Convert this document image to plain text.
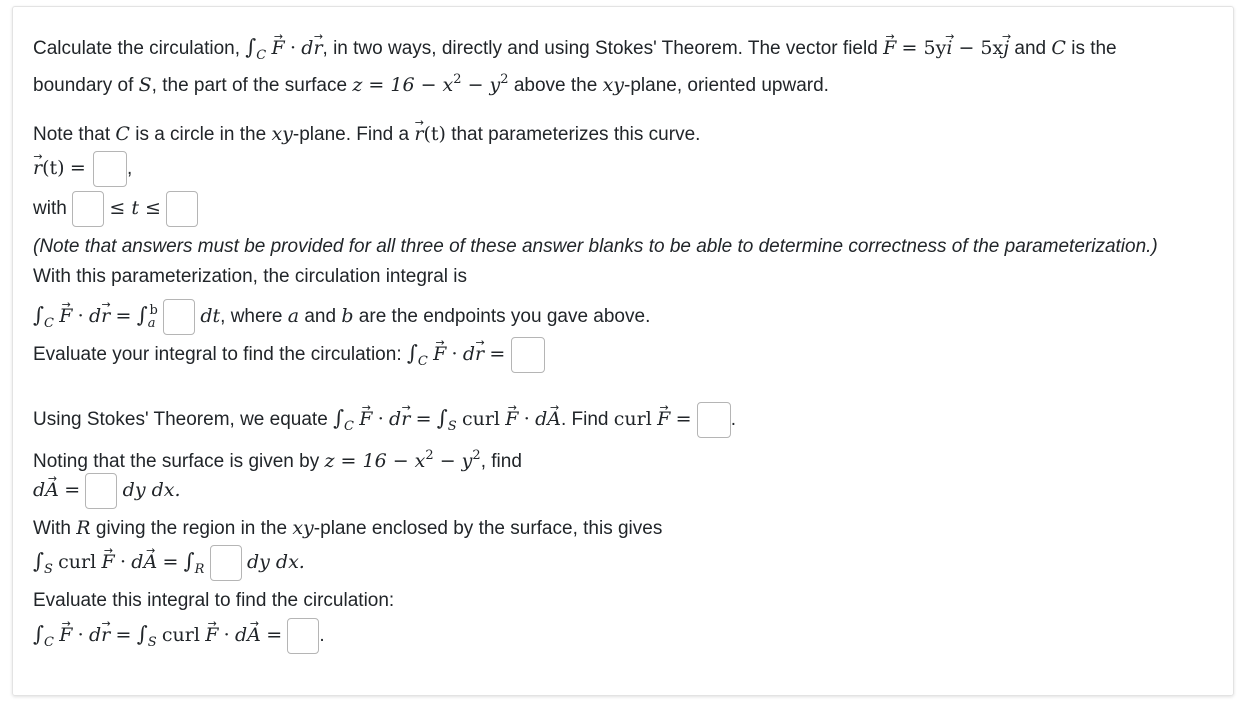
Calculate the circulation, $\int_C$ F → · dr →, in two ways, directly and using Stokes' Theorem. The vector field F → = 5yi → − 5xj → and C is the
boundary of S, the part of the surface $z = 16 - x^2 - y^2$ above the xy-plane, oriented upward.
Note that C is a circle in the xy-plane. Find a r →(t) that parameterizes this curve.
r →(t) = ,
with ≤ t ≤
(Note that answers must be provided for all three of these answer blanks to be able to determine correctness of the parameterization.)
With this parameterization, the circulation integral is
$\int_C$ F → · dr → = $\int_a^b$ dt, where a and b are the endpoints you gave above.
Evaluate your integral to find the circulation: $\int_C$ F → · dr → =
Using Stokes' Theorem, we equate $\int_C$ F → · dr → = $\int_S$ curl F → · dA →. Find curl F → = .
Noting that the surface is given by $z = 16 - x^2 - y^2$, find
dA → = dy dx.
With R giving the region in the xy-plane enclosed by the surface, this gives
$\int_S$ curl F → · dA → = $\int_R$ dy dx.
Evaluate this integral to find the circulation:
$\int_C$ F → · dr → = $\int_S$ curl F → · dA → = .
